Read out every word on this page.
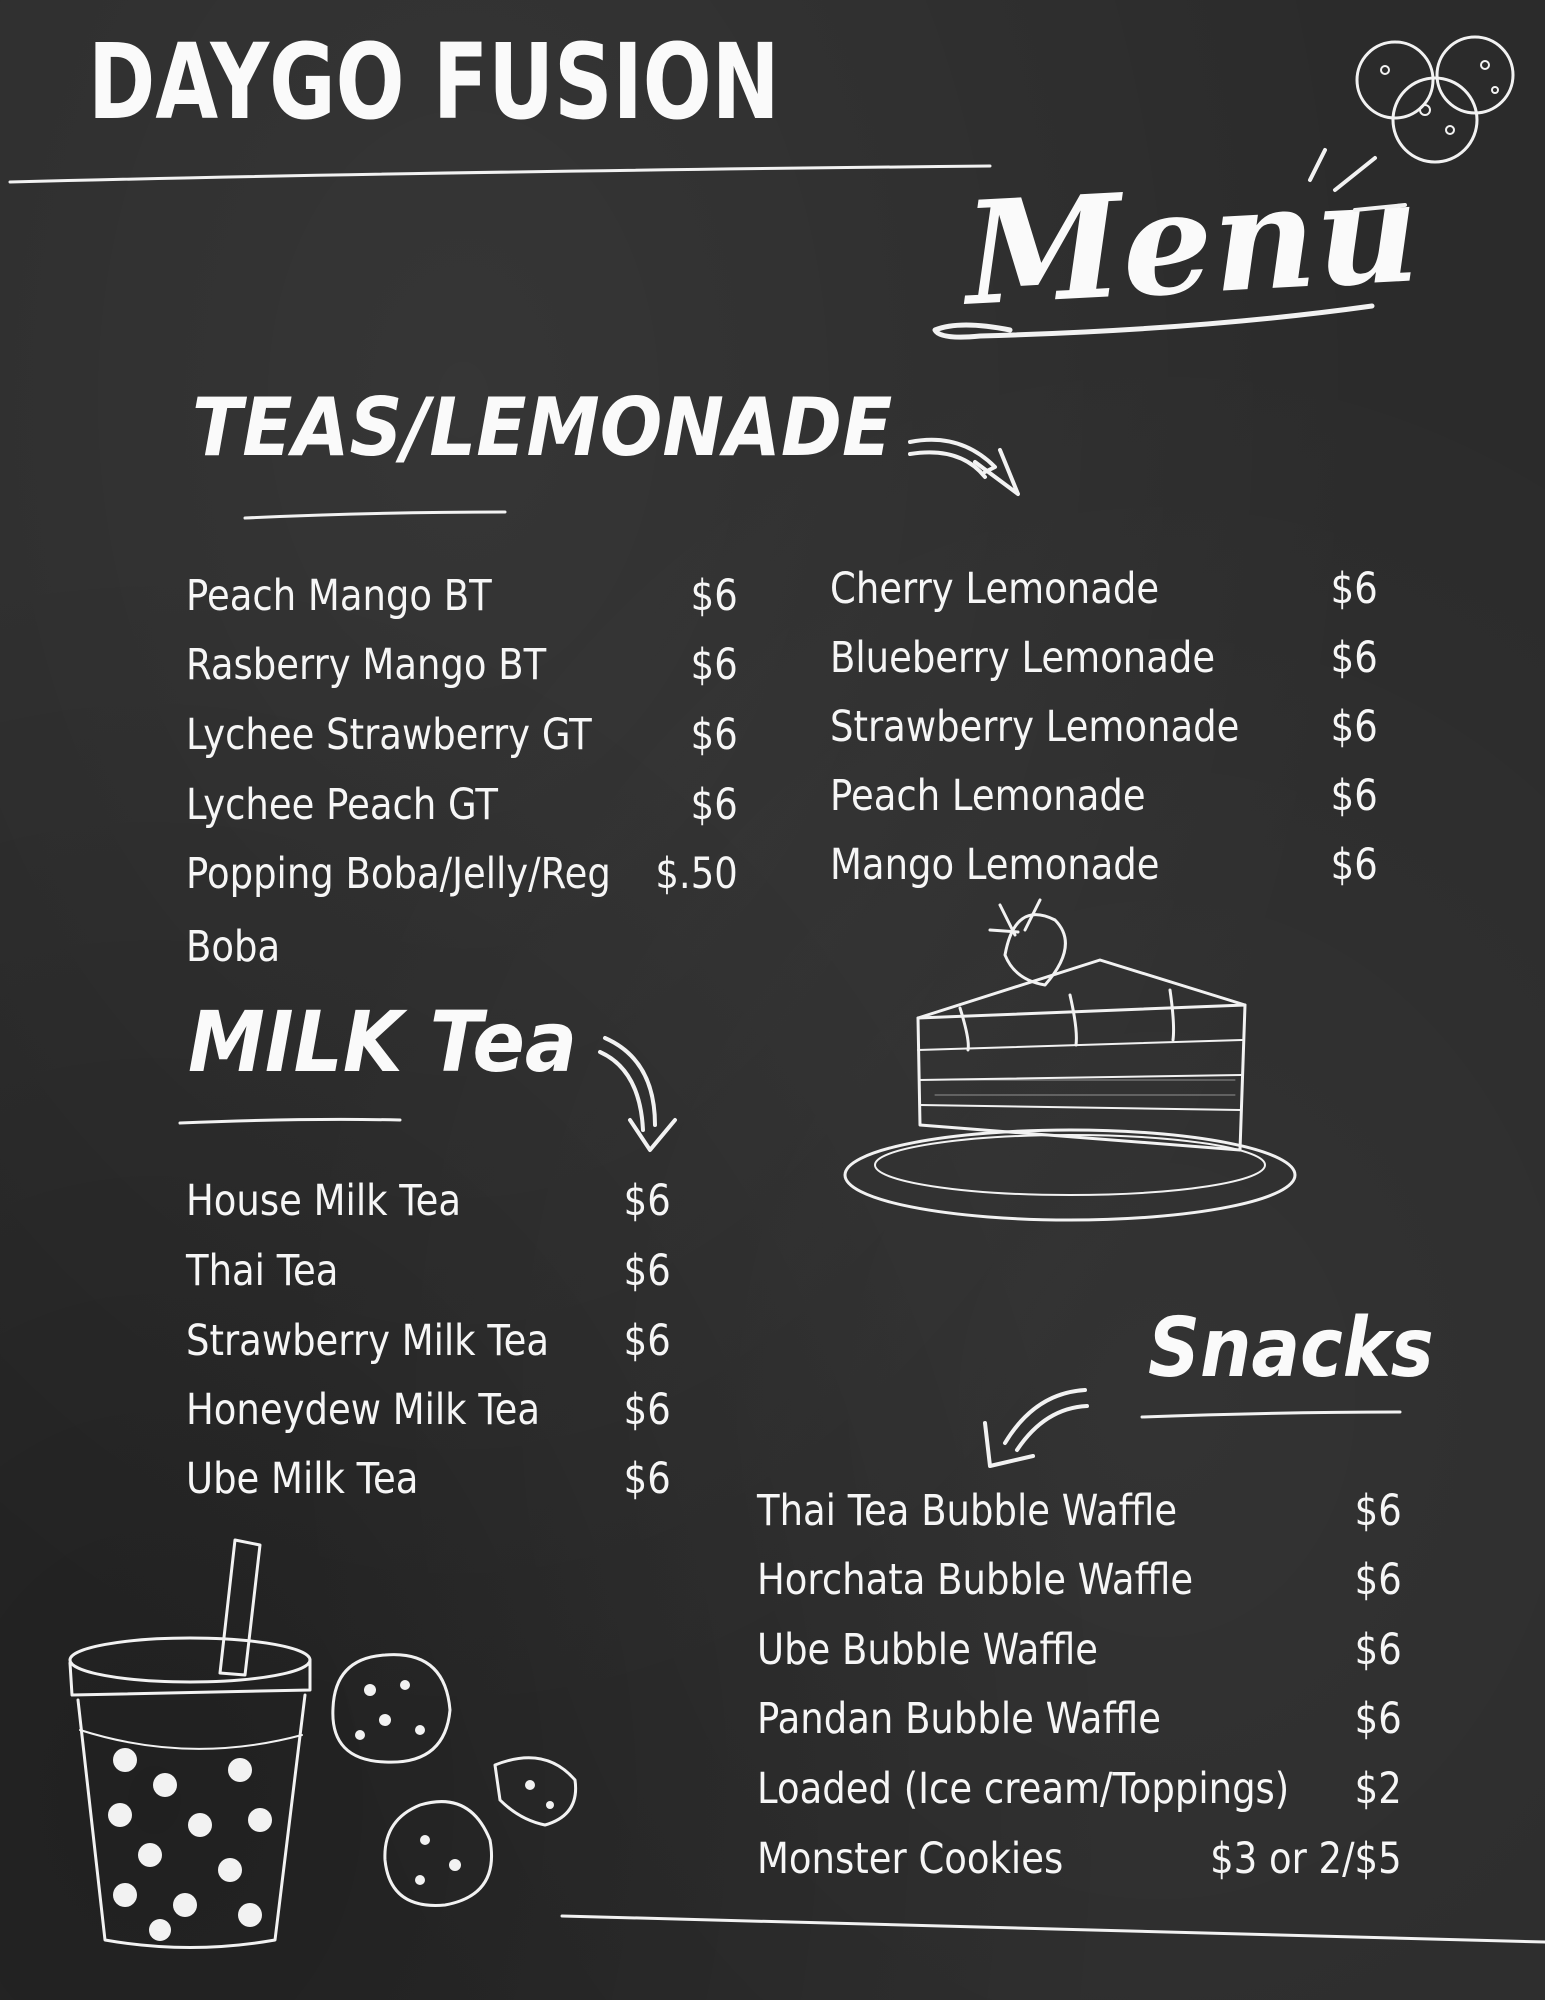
DAYGO FUSION
Menu
TEAS/LEMONADE
Peach Mango BT	$6
Rasberry Mango BT	$6
Lychee Strawberry GT $6
Lychee Peach GT	$6
Popping Boba/Jelly/Reg $.50
Boba
Cherry Lemonade	$6
Blueberry Lemonade	$6
Strawberry Lemonade $6
Peach Lemonade	$6
Mango Lemonade	$6
MILK Tea
House Milk Tea	$6
Thai Tea	$6
Strawberry Milk Tea $6
Honeydew Milk Tea $6
Ube Milk Tea	$6
Snacks
Thai Tea Bubble Waffle	$6
Horchata Bubble Waffle	$6
Ube Bubble Waffle	$6
Pandan Bubble Waffle	$6
Loaded (Ice cream/Toppings) $2
Monster Cookies	$3 or 2/$5
